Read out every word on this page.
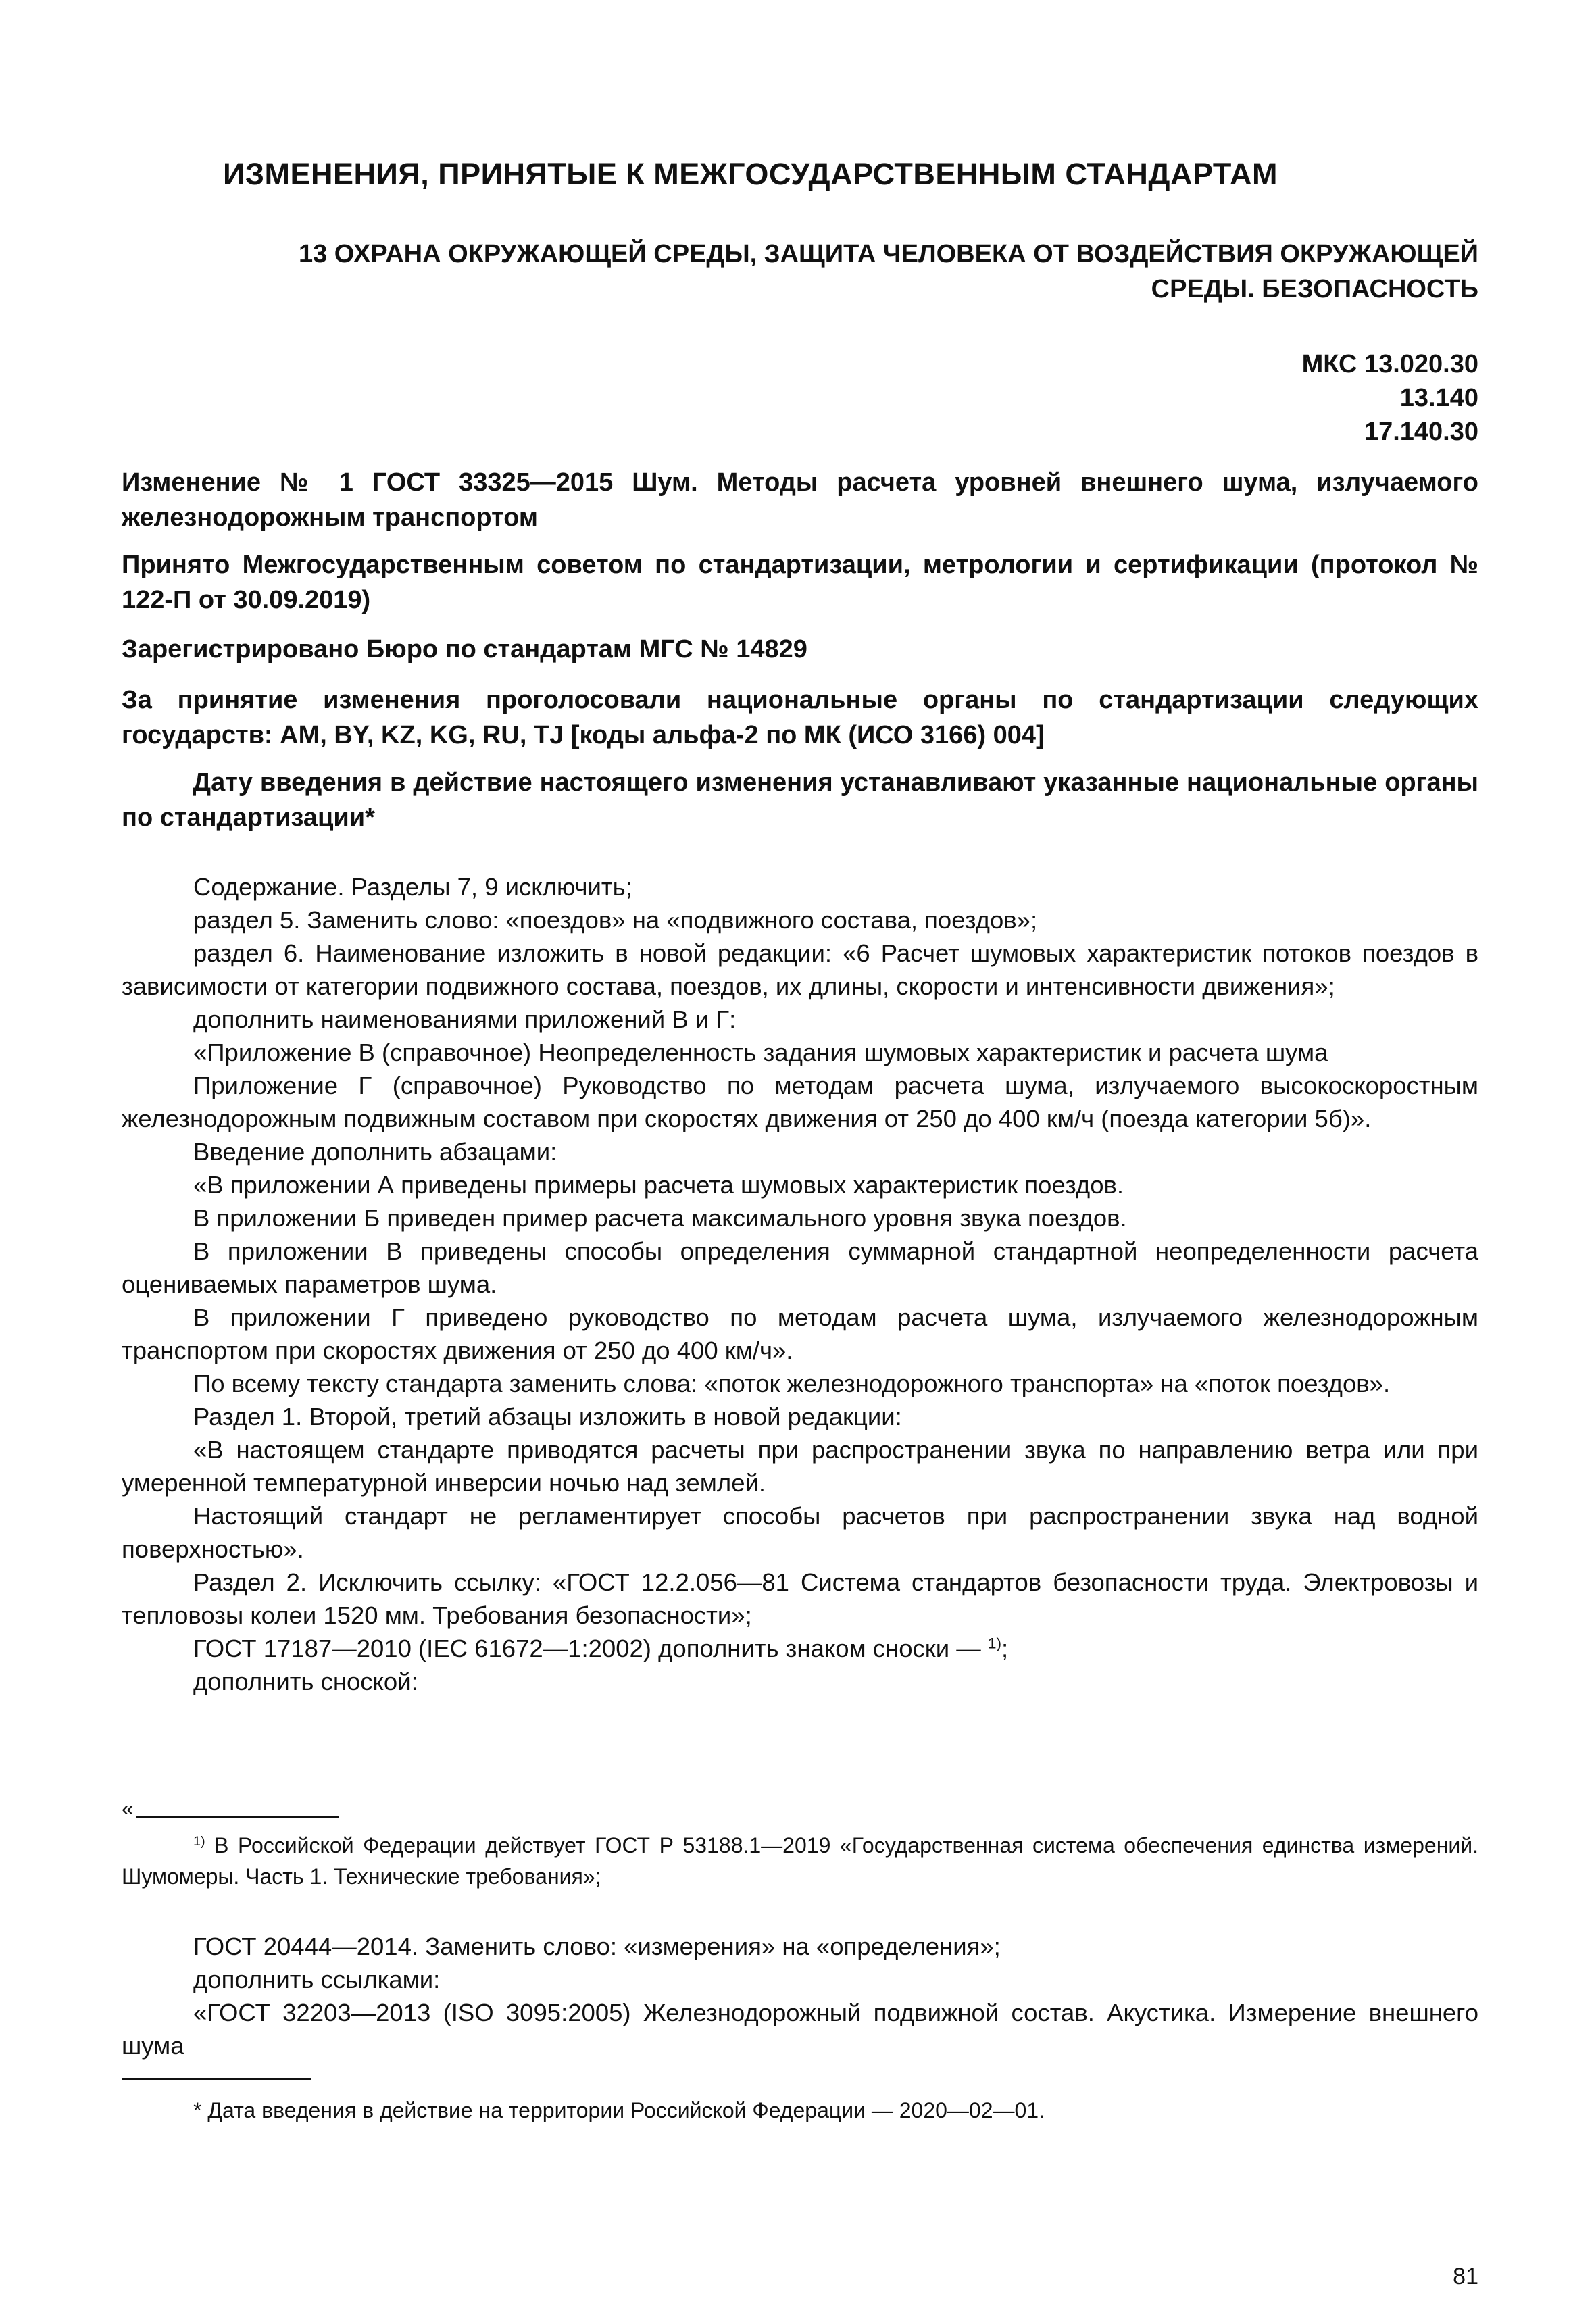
ИЗМЕНЕНИЯ, ПРИНЯТЫЕ К МЕЖГОСУДАРСТВЕННЫМ СТАНДАРТАМ
13 ОХРАНА ОКРУЖАЮЩЕЙ СРЕДЫ, ЗАЩИТА ЧЕЛОВЕКА ОТ ВОЗДЕЙСТВИЯ ОКРУЖАЮЩЕЙ
СРЕДЫ. БЕЗОПАСНОСТЬ
МКС 13.020.30
13.140
17.140.30

Изменение № 1 ГОСТ 33325—2015 Шум. Методы расчета уровней внешнего шума, излучаемого железнодорожным транспортом

Принято Межгосударственным советом по стандартизации, метрологии и сертификации (протокол № 122-П от 30.09.2019)

Зарегистрировано Бюро по стандартам МГС № 14829

За принятие изменения проголосовали национальные органы по стандартизации следующих государств: AM, BY, KZ, KG, RU, TJ [коды альфа-2 по МК (ИСО 3166) 004]

Дату введения в действие настоящего изменения устанавливают указанные национальные органы по стандартизации*

Содержание. Разделы 7, 9 исключить;

раздел 5. Заменить слово: «поездов» на «подвижного состава, поездов»;

раздел 6. Наименование изложить в новой редакции: «6 Расчет шумовых характеристик потоков поездов в зависимости от категории подвижного состава, поездов, их длины, скорости и интенсивности движения»;

дополнить наименованиями приложений В и Г:

«Приложение В (справочное) Неопределенность задания шумовых характеристик и расчета шума

Приложение Г (справочное) Руководство по методам расчета шума, излучаемого высокоскоростным железнодорожным подвижным составом при скоростях движения от 250 до 400 км/ч (поезда категории 5б)».

Введение дополнить абзацами:

«В приложении А приведены примеры расчета шумовых характеристик поездов.

В приложении Б приведен пример расчета максимального уровня звука поездов.

В приложении В приведены способы определения суммарной стандартной неопределенности расчета оцениваемых параметров шума.

В приложении Г приведено руководство по методам расчета шума, излучаемого железнодорожным транспортом при скоростях движения от 250 до 400 км/ч».

По всему тексту стандарта заменить слова: «поток железнодорожного транспорта» на «поток поездов».

Раздел 1. Второй, третий абзацы изложить в новой редакции:

«В настоящем стандарте приводятся расчеты при распространении звука по направлению ветра или при умеренной температурной инверсии ночью над землей.

Настоящий стандарт не регламентирует способы расчетов при распространении звука над водной поверхностью».

Раздел 2. Исключить ссылку: «ГОСТ 12.2.056—81 Система стандартов безопасности труда. Электровозы и тепловозы колеи 1520 мм. Требования безопасности»;

ГОСТ 17187—2010 (IEC 61672—1:2002) дополнить знаком сноски — $^{1)}$;

дополнить сноской:

«
$^{1)}$ В Российской Федерации действует ГОСТ Р 53188.1—2019 «Государственная система обеспечения единства измерений. Шумомеры. Часть 1. Технические требования»;

ГОСТ 20444—2014. Заменить слово: «измерения» на «определения»;

дополнить ссылками:

«ГОСТ 32203—2013 (ISO 3095:2005) Железнодорожный подвижной состав. Акустика. Измерение внешнего шума

* Дата введения в действие на территории Российской Федерации — 2020—02—01.
81
